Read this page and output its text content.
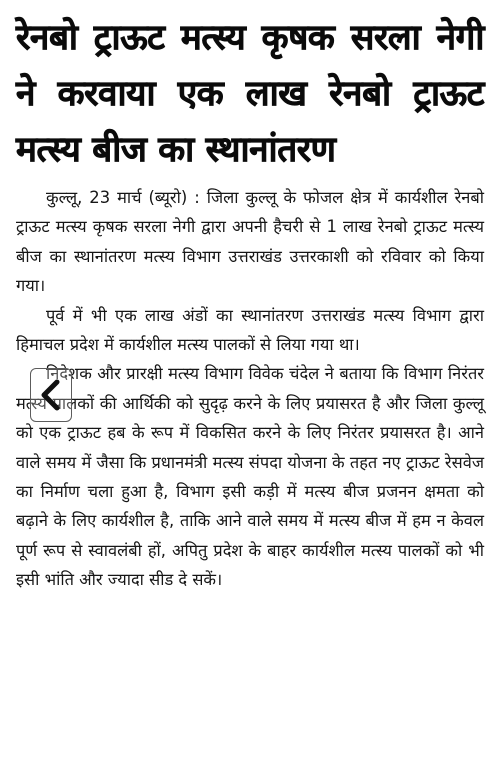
रेनबो ट्राऊट मत्स्य कृषक सरला नेगी ने करवाया एक लाख रेनबो ट्राऊट मत्स्य बीज का स्थानांतरण

कुल्लू, 23 मार्च (ब्यूरो) : जिला कुल्लू के फोजल क्षेत्र में कार्यशील रेनबो ट्राऊट मत्स्य कृषक सरला नेगी द्वारा अपनी हैचरी से 1 लाख रेनबो ट्राऊट मत्स्य बीज का स्थानांतरण मत्स्य विभाग उत्तराखंड उत्तरकाशी को रविवार को किया गया।

पूर्व में भी एक लाख अंडों का स्थानांतरण उत्तराखंड मत्स्य विभाग द्वारा हिमाचल प्रदेश में कार्यशील मत्स्य पालकों से लिया गया था।

निदेशक और प्रारक्षी मत्स्य विभाग विवेक चंदेल ने बताया कि विभाग निरंतर मत्स्य पालकों की आर्थिकी को सुदृढ़ करने के लिए प्रयासरत है और जिला कुल्लू को एक ट्राऊट हब के रूप में विकसित करने के लिए निरंतर प्रयासरत है। आने वाले समय में जैसा कि प्रधानमंत्री मत्स्य संपदा योजना के तहत नए ट्राऊट रेसवेज का निर्माण चला हुआ है, विभाग इसी कड़ी में मत्स्य बीज प्रजनन क्षमता को बढ़ाने के लिए कार्यशील है, ताकि आने वाले समय में मत्स्य बीज में हम न केवल पूर्ण रूप से स्वावलंबी हों, अपितु प्रदेश के बाहर कार्यशील मत्स्य पालकों को भी इसी भांति और ज्यादा सीड दे सकें।
